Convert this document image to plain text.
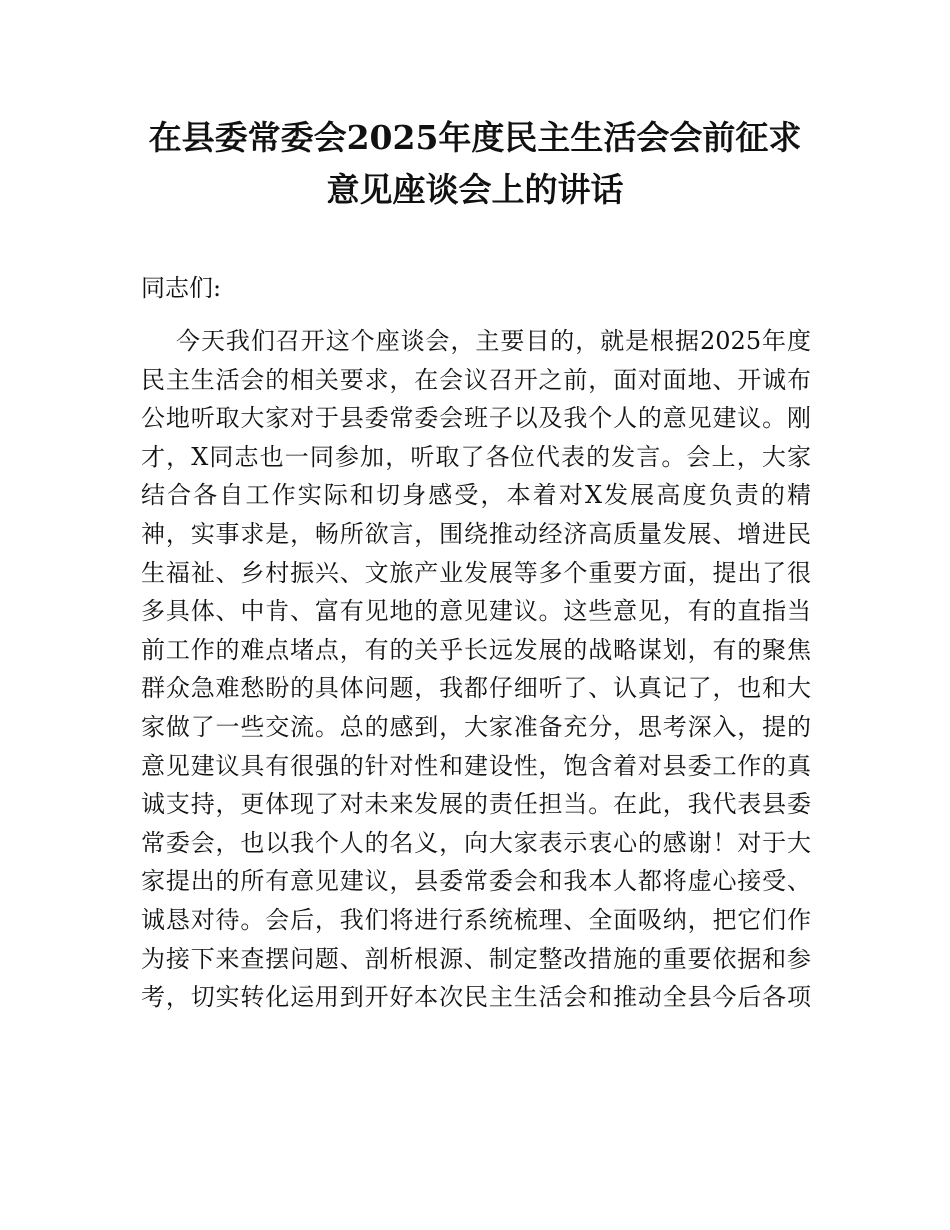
在县委常委会2025年度民主生活会会前征求
意见座谈会上的讲话

同志们:

今天我们召开这个座谈会，主要目的，就是根据2025年度
民主生活会的相关要求，在会议召开之前，面对面地、开诚布
公地听取大家对于县委常委会班子以及我个人的意见建议。刚
才，X同志也一同参加，听取了各位代表的发言。会上，大家
结合各自工作实际和切身感受，本着对X发展高度负责的精
神，实事求是，畅所欲言，围绕推动经济高质量发展、增进民
生福祉、乡村振兴、文旅产业发展等多个重要方面，提出了很
多具体、中肯、富有见地的意见建议。这些意见，有的直指当
前工作的难点堵点，有的关乎长远发展的战略谋划，有的聚焦
群众急难愁盼的具体问题，我都仔细听了、认真记了，也和大
家做了一些交流。总的感到，大家准备充分，思考深入，提的
意见建议具有很强的针对性和建设性，饱含着对县委工作的真
诚支持，更体现了对未来发展的责任担当。在此，我代表县委
常委会，也以我个人的名义，向大家表示衷心的感谢！对于大
家提出的所有意见建议，县委常委会和我本人都将虚心接受、
诚恳对待。会后，我们将进行系统梳理、全面吸纳，把它们作
为接下来查摆问题、剖析根源、制定整改措施的重要依据和参
考，切实转化运用到开好本次民主生活会和推动全县今后各项
